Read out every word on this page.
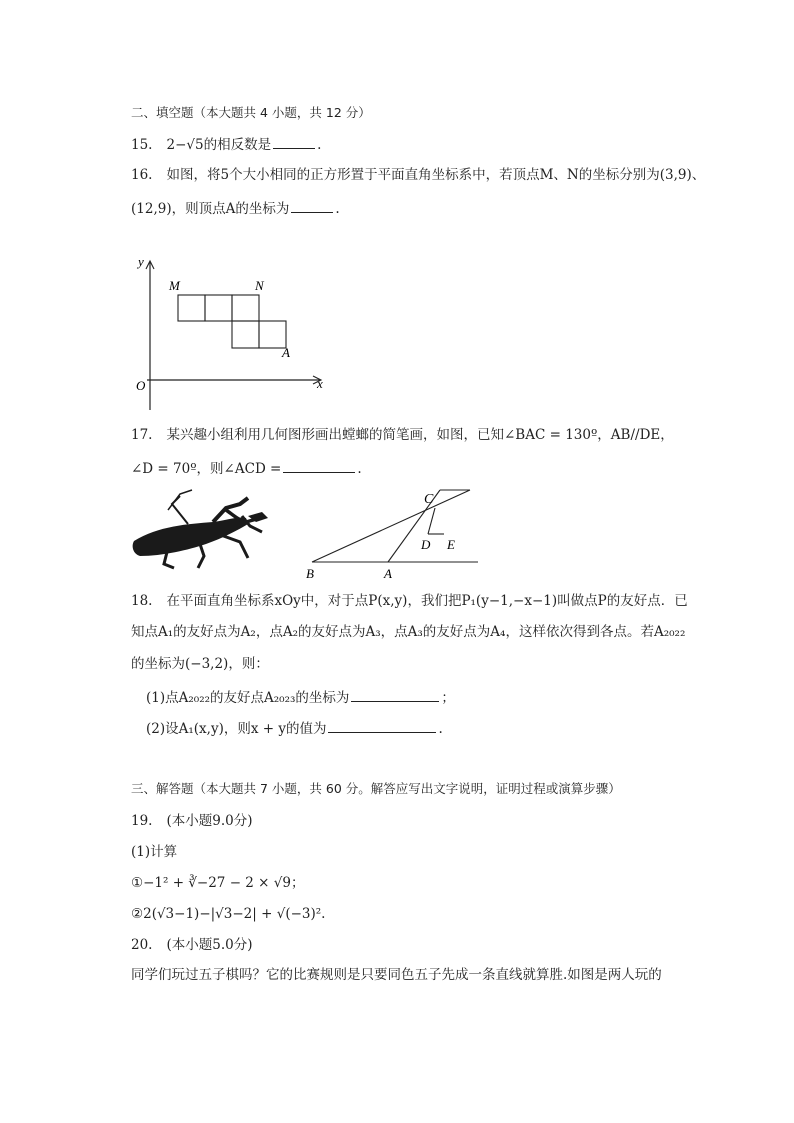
二、填空题（本大题共 4 小题，共 12 分）
15. 2−√5的相反数是	.
16. 如图，将5个大小相同的正方形置于平面直角坐标系中，若顶点M、N的坐标分别为(3,9)、
(12,9)，则顶点A的坐标为	.
y
x
O
M	N
A
17. 某兴趣小组利用几何图形画出螳螂的简笔画，如图，已知∠BAC = 130º，AB//DE，
∠D = 70º，则∠ACD =	.
C
D E
B	A
18. 在平面直角坐标系xOy中，对于点P(x,y)，我们把P₁(y−1,−x−1)叫做点P的友好点．已
知点A₁的友好点为A₂，点A₂的友好点为A₃，点A₃的友好点为A₄，这样依次得到各点。若A₂₀₂₂
的坐标为(−3,2)，则：
(1)点A₂₀₂₂的友好点A₂₀₂₃的坐标为	；
(2)设A₁(x,y)，则x + y的值为	.
三、解答题（本大题共 7 小题，共 60 分。解答应写出文字说明，证明过程或演算步骤）
19. (本小题9.0分)
(1)计算
①−1² + ∛−27 − 2 × √9；
②2(√3−1)−|√3−2| + √(−3)².
20. (本小题5.0分)
同学们玩过五子棋吗？它的比赛规则是只要同色五子先成一条直线就算胜.如图是两人玩的
